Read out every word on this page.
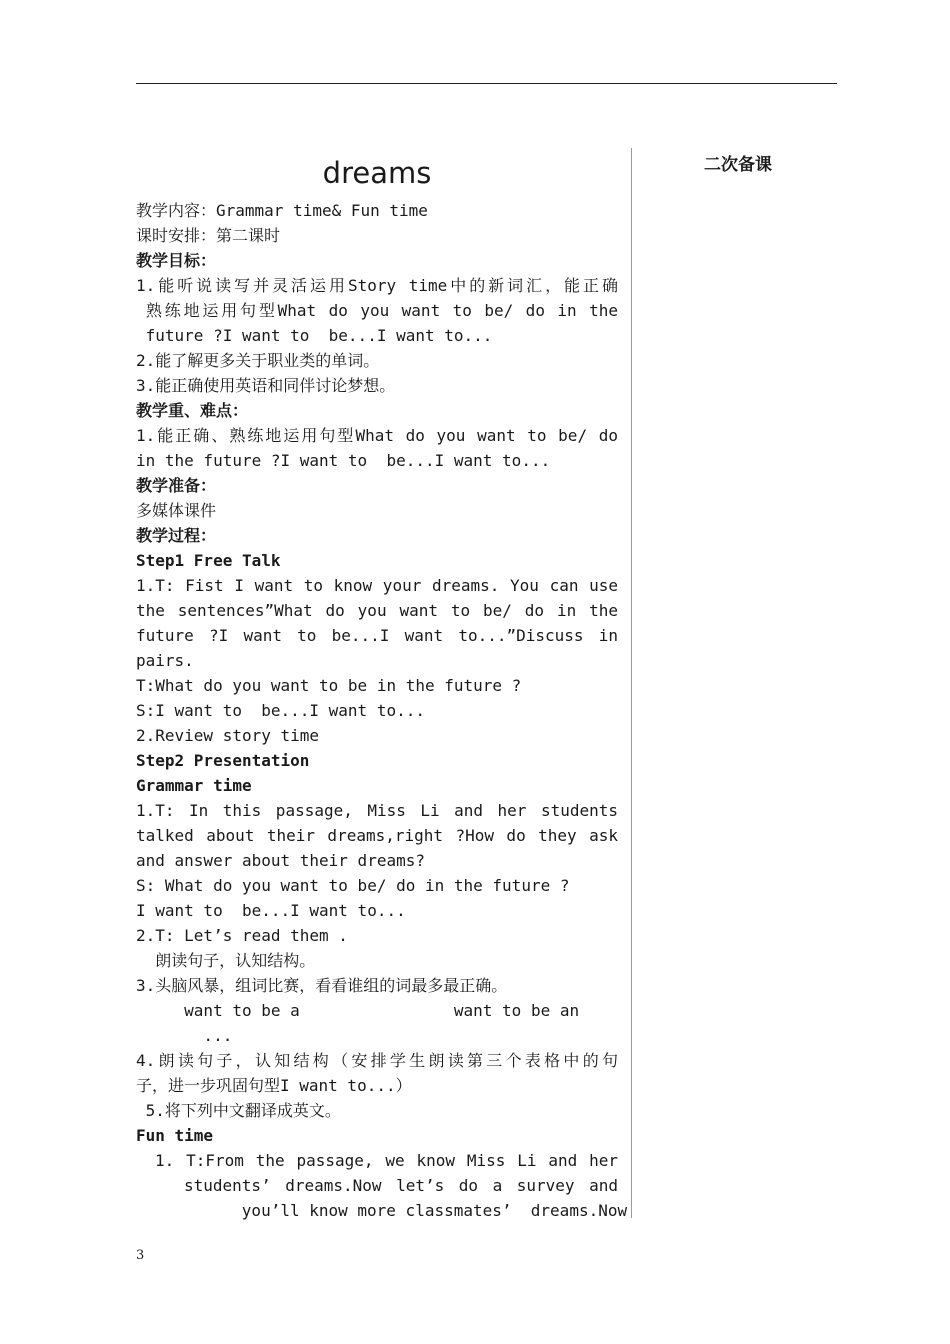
二次备课
dreams
教学内容：Grammar time& Fun time
课时安排：第二课时
教学目标：
1.能听说读写并灵活运用Story time中的新词汇，能正确
熟练地运用句型What do you want to be/ do in the
future ?I want to  be...I want to...
2.能了解更多关于职业类的单词。
3.能正确使用英语和同伴讨论梦想。
教学重、难点：
1.能正确、熟练地运用句型What do you want to be/ do
in the future ?I want to  be...I want to...
教学准备：
多媒体课件
教学过程：
Step1 Free Talk
1.T: Fist I want to know your dreams. You can use
the sentences”What do you want to be/ do in the
future ?I want to be...I want to...”Discuss in
pairs.
T:What do you want to be in the future ?
S:I want to  be...I want to...
2.Review story time
Step2 Presentation
Grammar time
1.T: In this passage, Miss Li and her students
talked about their dreams,right ?How do they ask
and answer about their dreams?
S: What do you want to be/ do in the future ?
I want to  be...I want to...
2.T: Let’s read them .
朗读句子，认知结构。
3.头脑风暴，组词比赛，看看谁组的词最多最正确。
want to be a                want to be an
...
4.朗读句子，认知结构（安排学生朗读第三个表格中的句
子，进一步巩固句型I want to...）
5.将下列中文翻译成英文。
Fun time
1. T:From the passage, we know Miss Li and her
students’ dreams.Now let’s do a survey and
you’ll know more classmates’  dreams.Now
3
